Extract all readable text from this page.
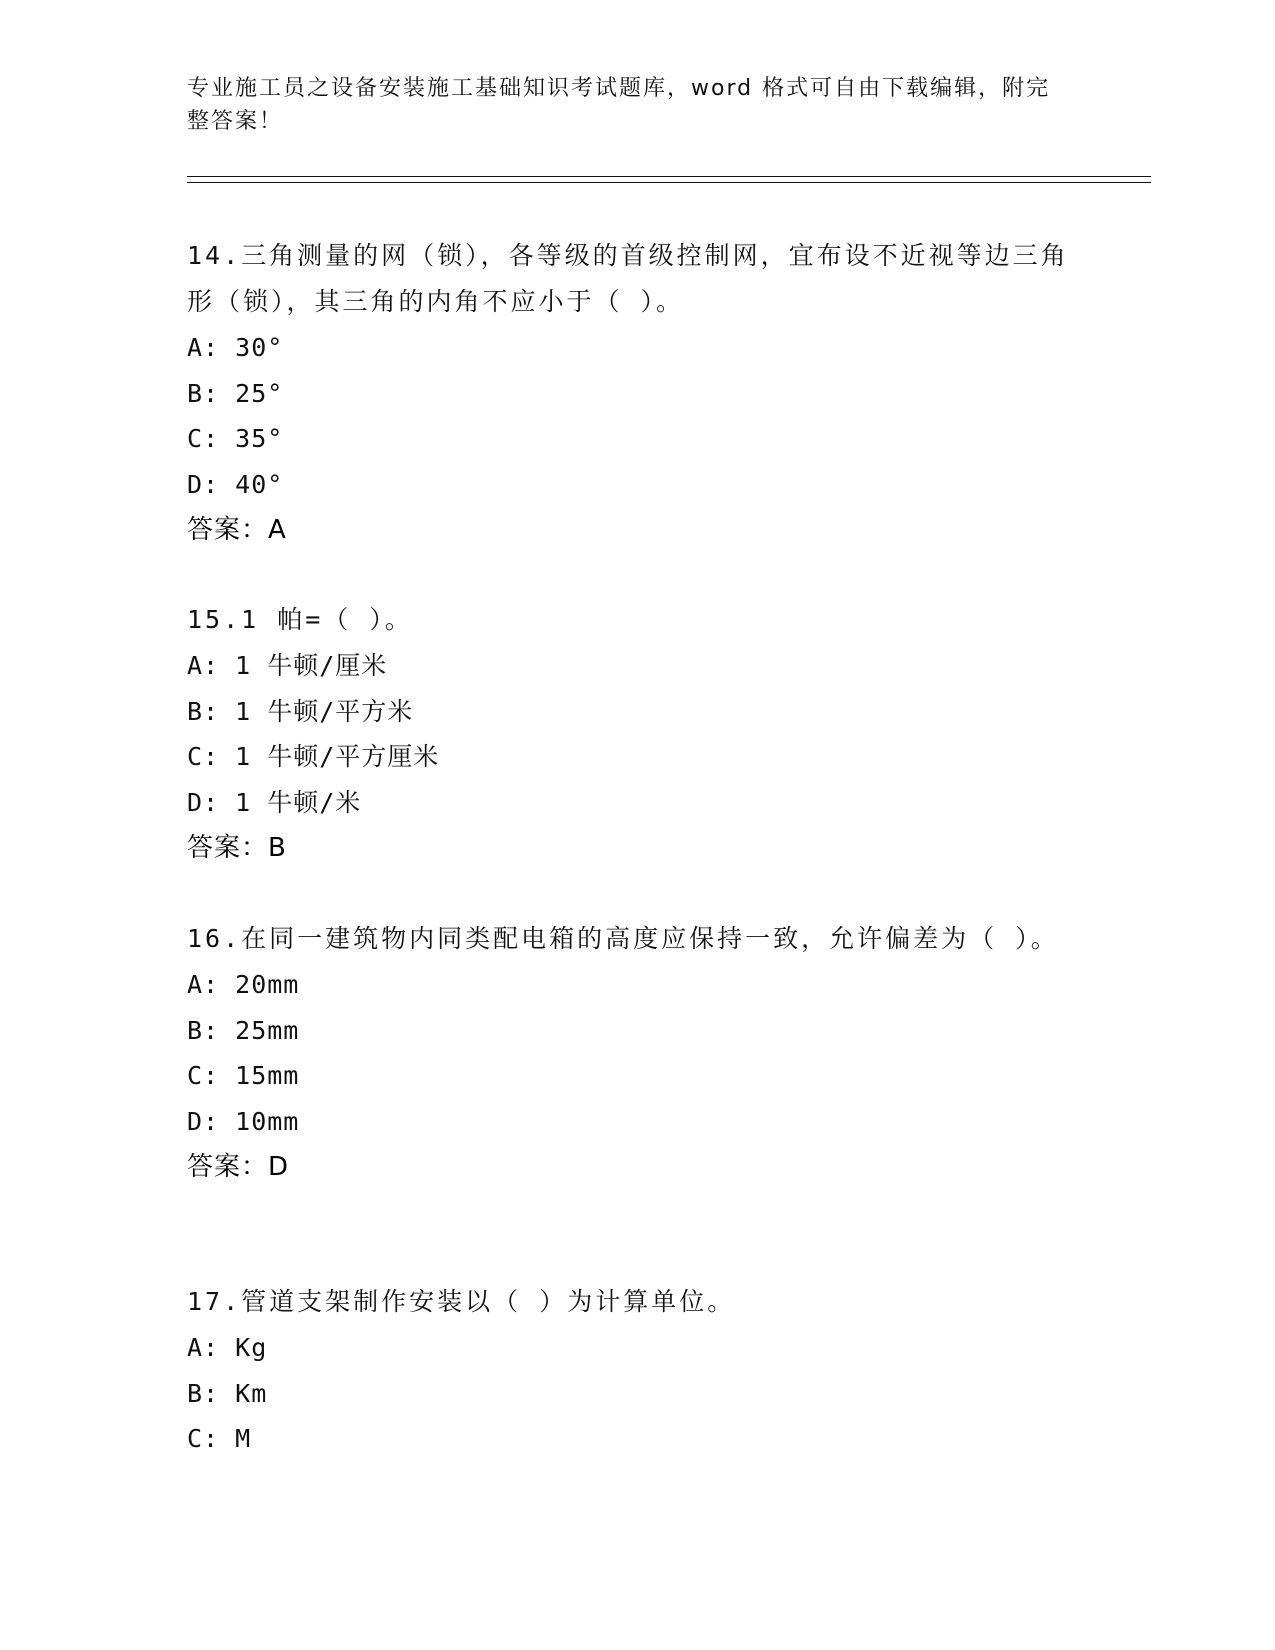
专业施工员之设备安装施工基础知识考试题库，word 格式可自由下载编辑，附完整答案！

14.三角测量的网（锁），各等级的首级控制网，宜布设不近视等边三角形（锁），其三角的内角不应小于（ ）。

A: 30°

B: 25°

C: 35°

D: 40°

答案：A

15.1 帕=（ ）。

A: 1 牛顿/厘米

B: 1 牛顿/平方米

C: 1 牛顿/平方厘米

D: 1 牛顿/米

答案：B

16.在同一建筑物内同类配电箱的高度应保持一致，允许偏差为（ ）。

A: 20mm

B: 25mm

C: 15mm

D: 10mm

答案：D

17.管道支架制作安装以（ ）为计算单位。

A: Kg

B: Km

C: M
